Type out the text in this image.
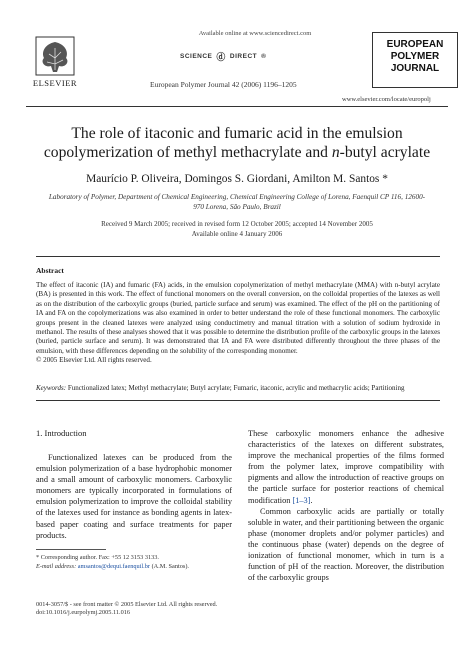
ELSEVIER
Available online at www.sciencedirect.com
SCIENCE ⓓ DIRECT ®
European Polymer Journal 42 (2006) 1196–1205
EUROPEAN
POLYMER
JOURNAL
www.elsevier.com/locate/europolj
The role of itaconic and fumaric acid in the emulsion
copolymerization of methyl methacrylate and n-butyl acrylate
Maurício P. Oliveira, Domingos S. Giordani, Amilton M. Santos *
Laboratory of Polymer, Department of Chemical Engineering, Chemical Engineering College of Lorena, Faenquil CP 116, 12600-970 Lorena, São Paulo, Brazil
Received 9 March 2005; received in revised form 12 October 2005; accepted 14 November 2005
Available online 4 January 2006
Abstract
The effect of itaconic (IA) and fumaric (FA) acids, in the emulsion copolymerization of methyl methacrylate (MMA) with n-butyl acrylate (BA) is presented in this work. The effect of functional monomers on the overall conversion, on the colloidal properties of the latexes as well as on the distribution of the carboxylic groups (buried, particle surface and serum) was examined. The effect of the pH on the partitioning of IA and FA on the copolymerizations was also examined in order to better understand the role of these functional monomers. The carboxylic groups present in the cleaned latexes were analyzed using conductimetry and manual titration with a solution of sodium hydroxide in methanol. The results of these analyses showed that it was possible to determine the distribution profile of the carboxylic groups in the latexes (buried, particle surface and serum). It was demonstrated that IA and FA were distributed differently throughout the three phases of the emulsion, with these differences depending on the solubility of the corresponding monomer.
© 2005 Elsevier Ltd. All rights reserved.
Keywords: Functionalized latex; Methyl methacrylate; Butyl acrylate; Fumaric, itaconic, acrylic and methacrylic acids; Partitioning
1. Introduction

Functionalized latexes can be produced from the emulsion polymerization of a base hydrophobic monomer and a small amount of carboxylic monomers. Carboxylic monomers are typically incorporated in formulations of emulsion polymerization to improve the colloidal stability of the latexes used for instance as bonding agents in latex-based paper coating and surface treatments for paper products.

These carboxylic monomers enhance the adhesive characteristics of the latexes on different substrates, improve the mechanical properties of the films formed from the polymer latex, improve compatibility with pigments and allow the introduction of reactive groups on the particle surface for posterior reactions of chemical modification [1–3].

Common carboxylic acids are partially or totally soluble in water, and their partitioning between the organic phase (monomer droplets and/or polymer particles) and the continuous phase (water) depends on the degree of ionization of functional monomer, which in turn is a function of pH of the reaction. Moreover, the distribution of the carboxylic groups

* Corresponding author. Fax: +55 12 3153 3133.
E-mail address: amsantos@dequi.faenquil.br (A.M. Santos).
0014-3057/$ - see front matter © 2005 Elsevier Ltd. All rights reserved.
doi:10.1016/j.eurpolymj.2005.11.016
